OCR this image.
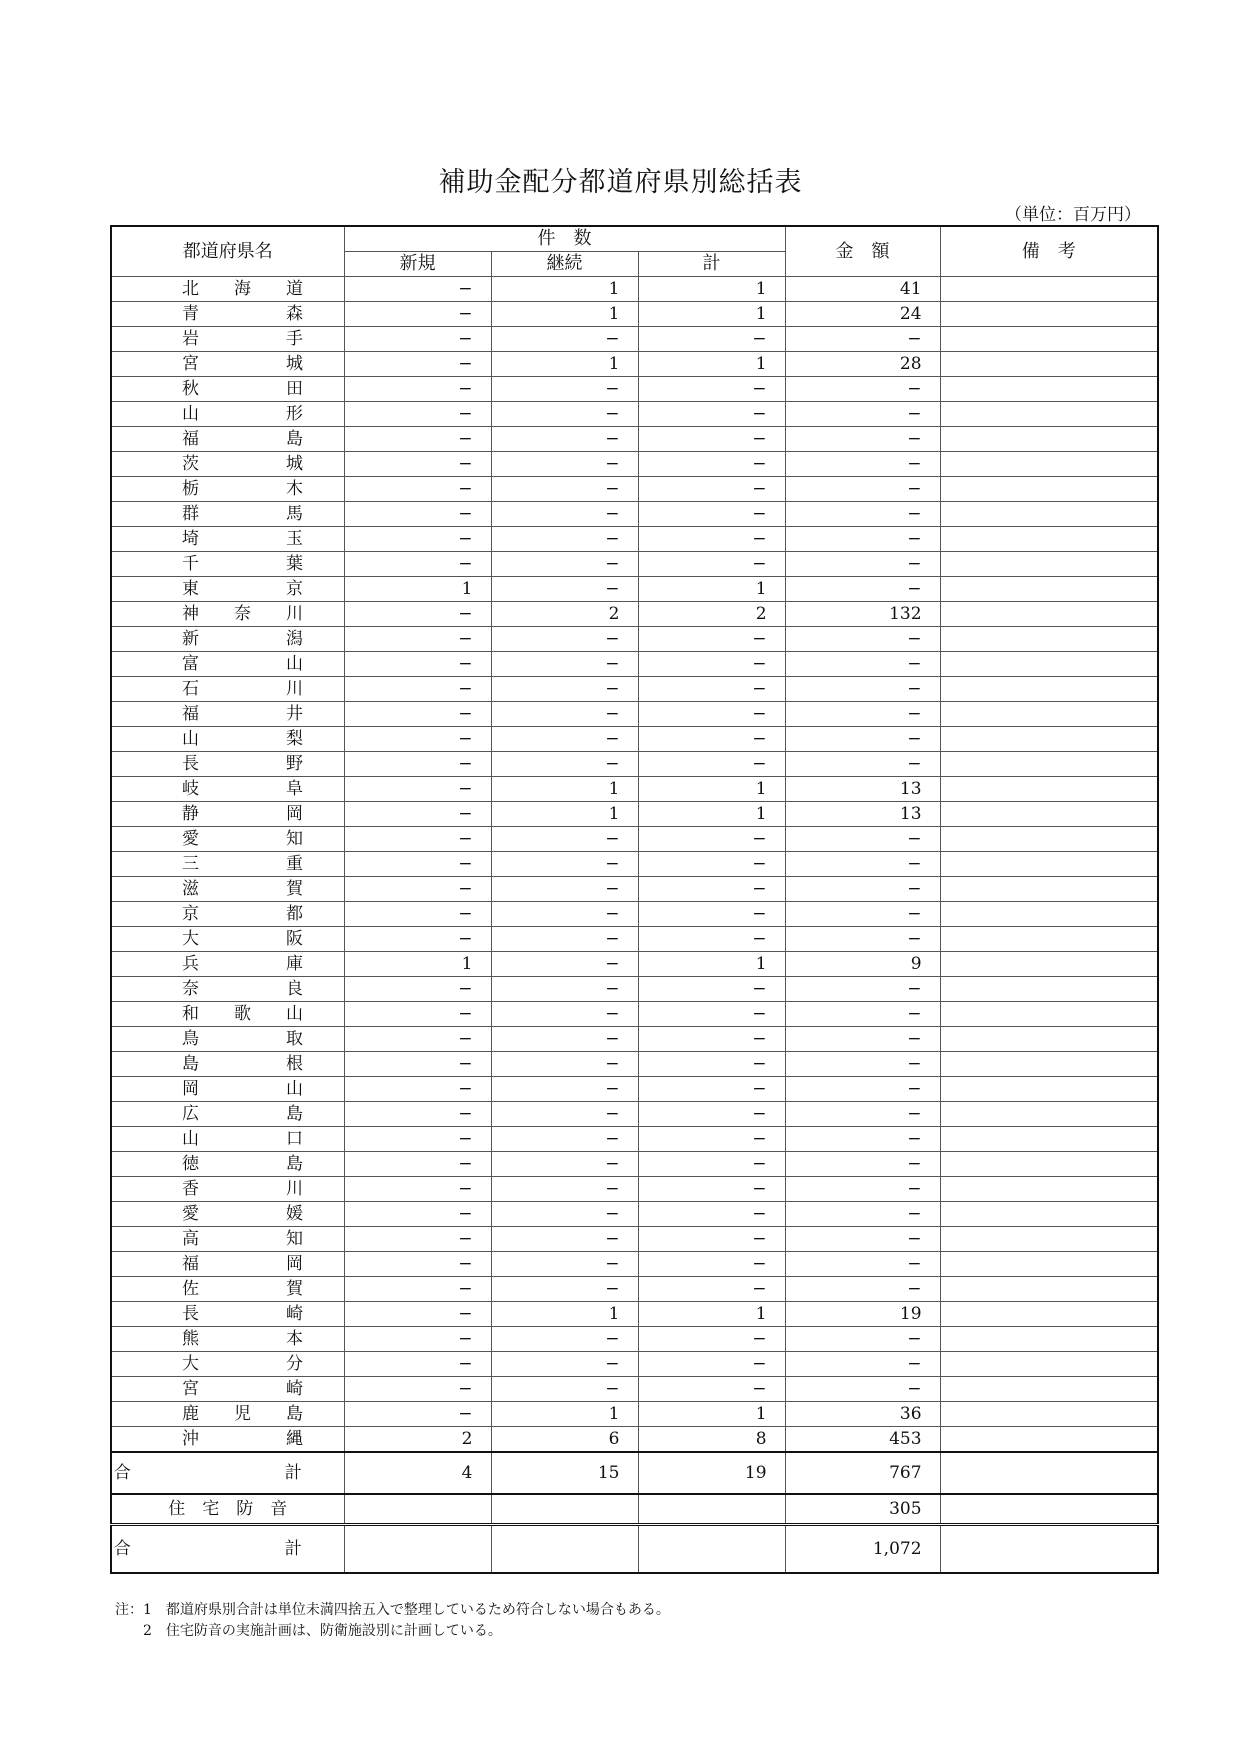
補助金配分都道府県別総括表
（単位：百万円）
都道府県名	件　数			金　額	備　考
	新規	継続	計		
北 海 道	−	1	1	41	
青 森	−	1	1	24	
岩 手	−	−	−	−	
宮 城	−	1	1	28	
秋 田	−	−	−	−	
山 形	−	−	−	−	
福 島	−	−	−	−	
茨 城	−	−	−	−	
栃 木	−	−	−	−	
群 馬	−	−	−	−	
埼 玉	−	−	−	−	
千 葉	−	−	−	−	
東 京	1	−	1	−	
神 奈 川	−	2	2	132	
新 潟	−	−	−	−	
富 山	−	−	−	−	
石 川	−	−	−	−	
福 井	−	−	−	−	
山 梨	−	−	−	−	
長 野	−	−	−	−	
岐 阜	−	1	1	13	
静 岡	−	1	1	13	
愛 知	−	−	−	−	
三 重	−	−	−	−	
滋 賀	−	−	−	−	
京 都	−	−	−	−	
大 阪	−	−	−	−	
兵 庫	1	−	1	9	
奈 良	−	−	−	−	
和 歌 山	−	−	−	−	
鳥 取	−	−	−	−	
島 根	−	−	−	−	
岡 山	−	−	−	−	
広 島	−	−	−	−	
山 口	−	−	−	−	
徳 島	−	−	−	−	
香 川	−	−	−	−	
愛 媛	−	−	−	−	
高 知	−	−	−	−	
福 岡	−	−	−	−	
佐 賀	−	−	−	−	
長 崎	−	1	1	19	
熊 本	−	−	−	−	
大 分	−	−	−	−	
宮 崎	−	−	−	−	
鹿 児 島	−	1	1	36	
沖 縄	2	6	8	453	
合　　計	4	15	19	767	
住　宅　防　音				305	
合　　計				1,072	
注：1　都道府県別合計は単位未満四捨五入で整理しているため符合しない場合もある。
　　2　住宅防音の実施計画は、防衛施設別に計画している。
